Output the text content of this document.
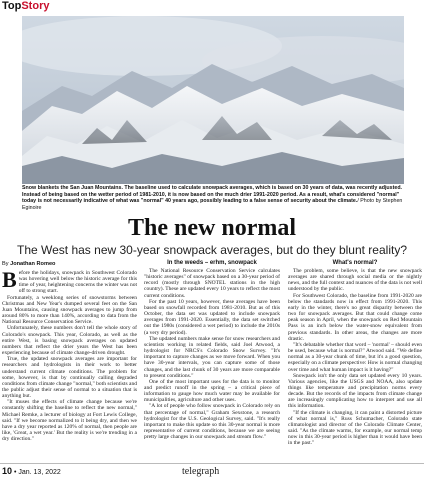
TopStory
Snow blankets the San Juan Mountains. The baseline used to calculate snowpack averages, which is based on 30 years of data, was recently adjusted. Instead of being based on the wetter period of 1981-2010, it is now based on the much drier 1991-2020 period. As a result, what's considered "normal" today is not necessarily indicative of what was "normal" 40 years ago, possibly leading to a false sense of security about the climate./ Photo by Stephen Eginoire
The new normal
The West has new 30-year snowpack averages, but do they blunt reality?
By Jonathan Romeo

Before the holidays, snowpack in Southwest Colorado was hovering well below the historic average for this time of year, heightening concerns the winter was not off to strong start.

Fortunately, a weeklong series of snowstorms between Christmas and New Year's dumped several feet on the San Juan Mountains, causing snowpack averages to jump from around 80% to more than 140%, according to data from the National Resource Conservation Service.

Unfortunately, these numbers don't tell the whole story of Colorado's snowpack. This year, Colorado, as well as the entire West, is basing snowpack averages on updated numbers that reflect the drier years the West has been experiencing because of climate change-driven drought.

True, the updated snowpack averages are important for researchers and hydrologists in their work to better understand current climate conditions. The problem for some, however, is that by continually calling degraded conditions from climate change "normal," both scientists and the public adjust their sense of normal to a situation that is anything but.

"It muses the effects of climate change because we're constantly shifting the baseline to reflect the new normal," Michael Remke, a lecturer of biology at Fort Lewis College, said. "If we become normalized to it being dry, and then we have a dry year reported as 120% of normal, then people are like, 'Great, a wet year.' But the reality is we're trending in a dry direction."

In the weeds – erhm, snowpack

The National Resource Conservation Service calculates "historic averages" of snowpack based on a 30-year period of record (mostly through SNOTEL stations in the high country). These are updated every 10 years to reflect the most current conditions.

For the past 10 years, however, these averages have been based on snowfall recorded from 1981-2010. But as of this October, the data set was updated to include snowpack averages from 1991-2020. Essentially, the data set switched out the 1980s (considered a wet period) to include the 2010s (a very dry period).

The updated numbers make sense for snow researchers and scientists working in related fields, said Joel Atwood, a hydrologist for NRCS's Colorado Snow Survey. "It's important to capture changes as we move forward. When you have 30-year intervals, you can capture some of those changes, and the last chunk of 30 years are more comparable to present conditions."

One of the most important uses for the data is to monitor and predict runoff in the spring – a critical piece of information to gauge how much water may be available for municipalities, agriculture and other uses.

"A lot of people who follow snowpack in Colorado rely on that percentage of normal," Graham Sexstone, a research hydrologist for the U.S. Geological Survey, said. "It's really important to make this update so this 30-year normal is more representative of current conditions, because we are seeing pretty large changes in our snowpack and stream flow."

What's normal?

The problem, some believe, is that the new snowpack averages are shared through social media or the nightly news, and the full context and nuances of the data is not well understood by the public.

For Southwest Colorado, the baseline from 1991-2020 are below the standards now in effect from 1991-2020. This early in the winter, there's no great disparity between the two for snowpack averages. But that could change come peak season in April, when the snowpack on Red Mountain Pass is an inch below the water-snow equivalent from previous standards. In other areas, the changes are more drastic.

"It's debatable whether that word – 'normal' – should even be used, because what is normal?" Atwood said. "We define normal as a 30-year chunk of time, but it's a good question, especially on a climate perspective: How is normal changing over time and what human impact is it having?"

Snowpack isn't the only data set updated every 10 years. Various agencies, like the USGS and NOAA, also update things like temperature and precipitation norms every decade. But the records of the impacts from climate change are increasingly complicating how to interpret and use all this information.

"If the climate is changing, it can paint a distorted picture of what normal is," Russ Schumacher, Colorado state climatologist and director of the Colorado Climate Center, said. "As the climate warms, for example, our normal temp now in this 30-year period is higher than it would have been in the past."

10 • Jan. 13, 2022	telegraph
